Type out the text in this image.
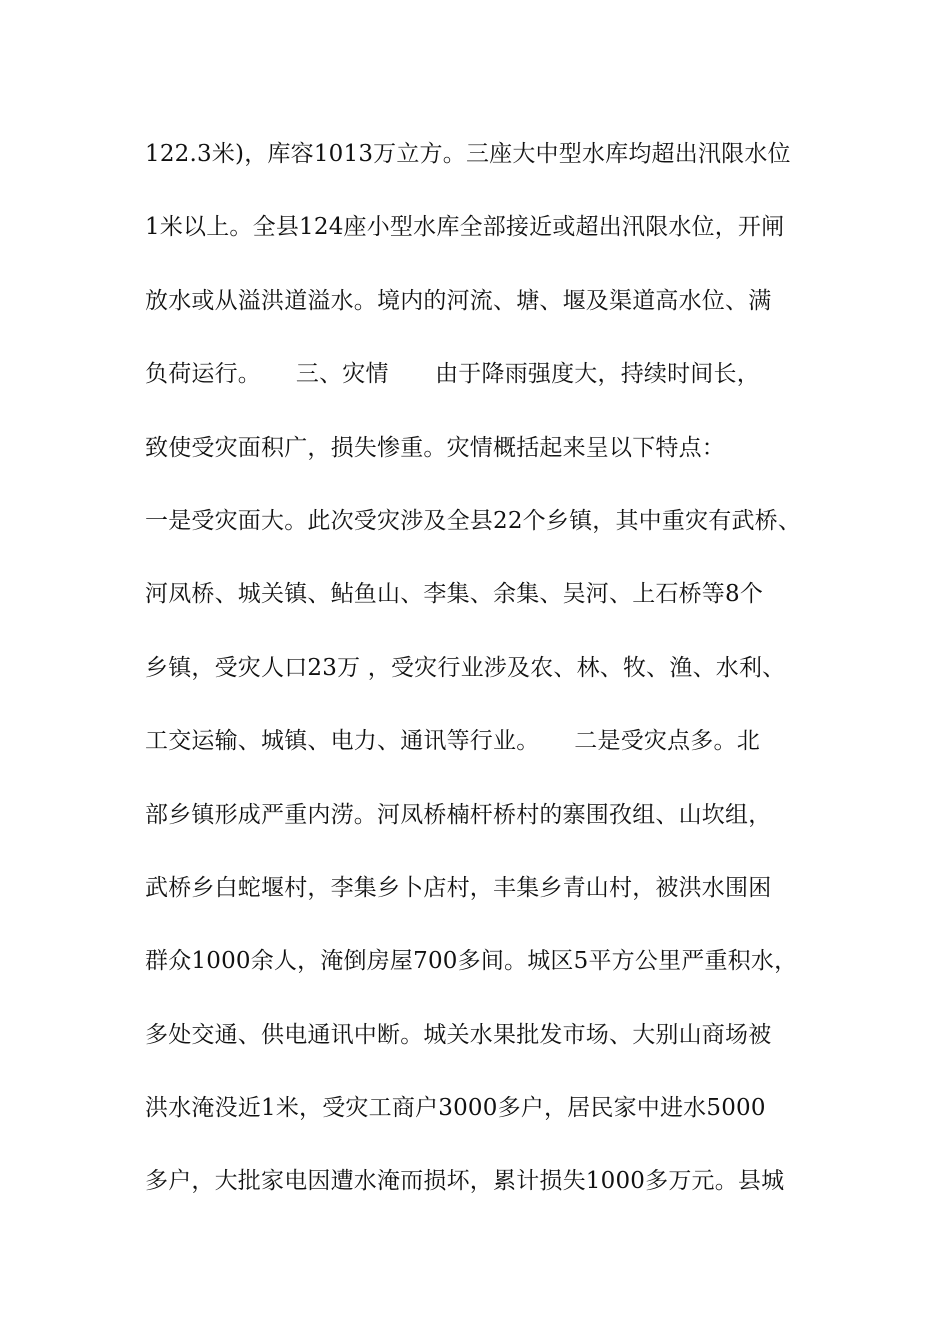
122.3米)，库容1013万立方。三座大中型水库均超出汛限水位
1米以上。全县124座小型水库全部接近或超出汛限水位，开闸
放水或从溢洪道溢水。境内的河流、塘、堰及渠道高水位、满
负荷运行。　　三、灾情　　由于降雨强度大，持续时间长，
致使受灾面积广，损失惨重。灾情概括起来呈以下特点：
一是受灾面大。此次受灾涉及全县22个乡镇，其中重灾有武桥、
河凤桥、城关镇、鲇鱼山、李集、余集、吴河、上石桥等8个
乡镇，受灾人口23万 ，受灾行业涉及农、林、牧、渔、水利、
工交运输、城镇、电力、通讯等行业。　　二是受灾点多。北
部乡镇形成严重内涝。河凤桥楠杆桥村的寨围孜组、山坎组，
武桥乡白蛇堰村，李集乡卜店村，丰集乡青山村，被洪水围困
群众1000余人，淹倒房屋700多间。城区5平方公里严重积水，
多处交通、供电通讯中断。城关水果批发市场、大别山商场被
洪水淹没近1米，受灾工商户3000多户，居民家中进水5000
多户，大批家电因遭水淹而损坏，累计损失1000多万元。县城
